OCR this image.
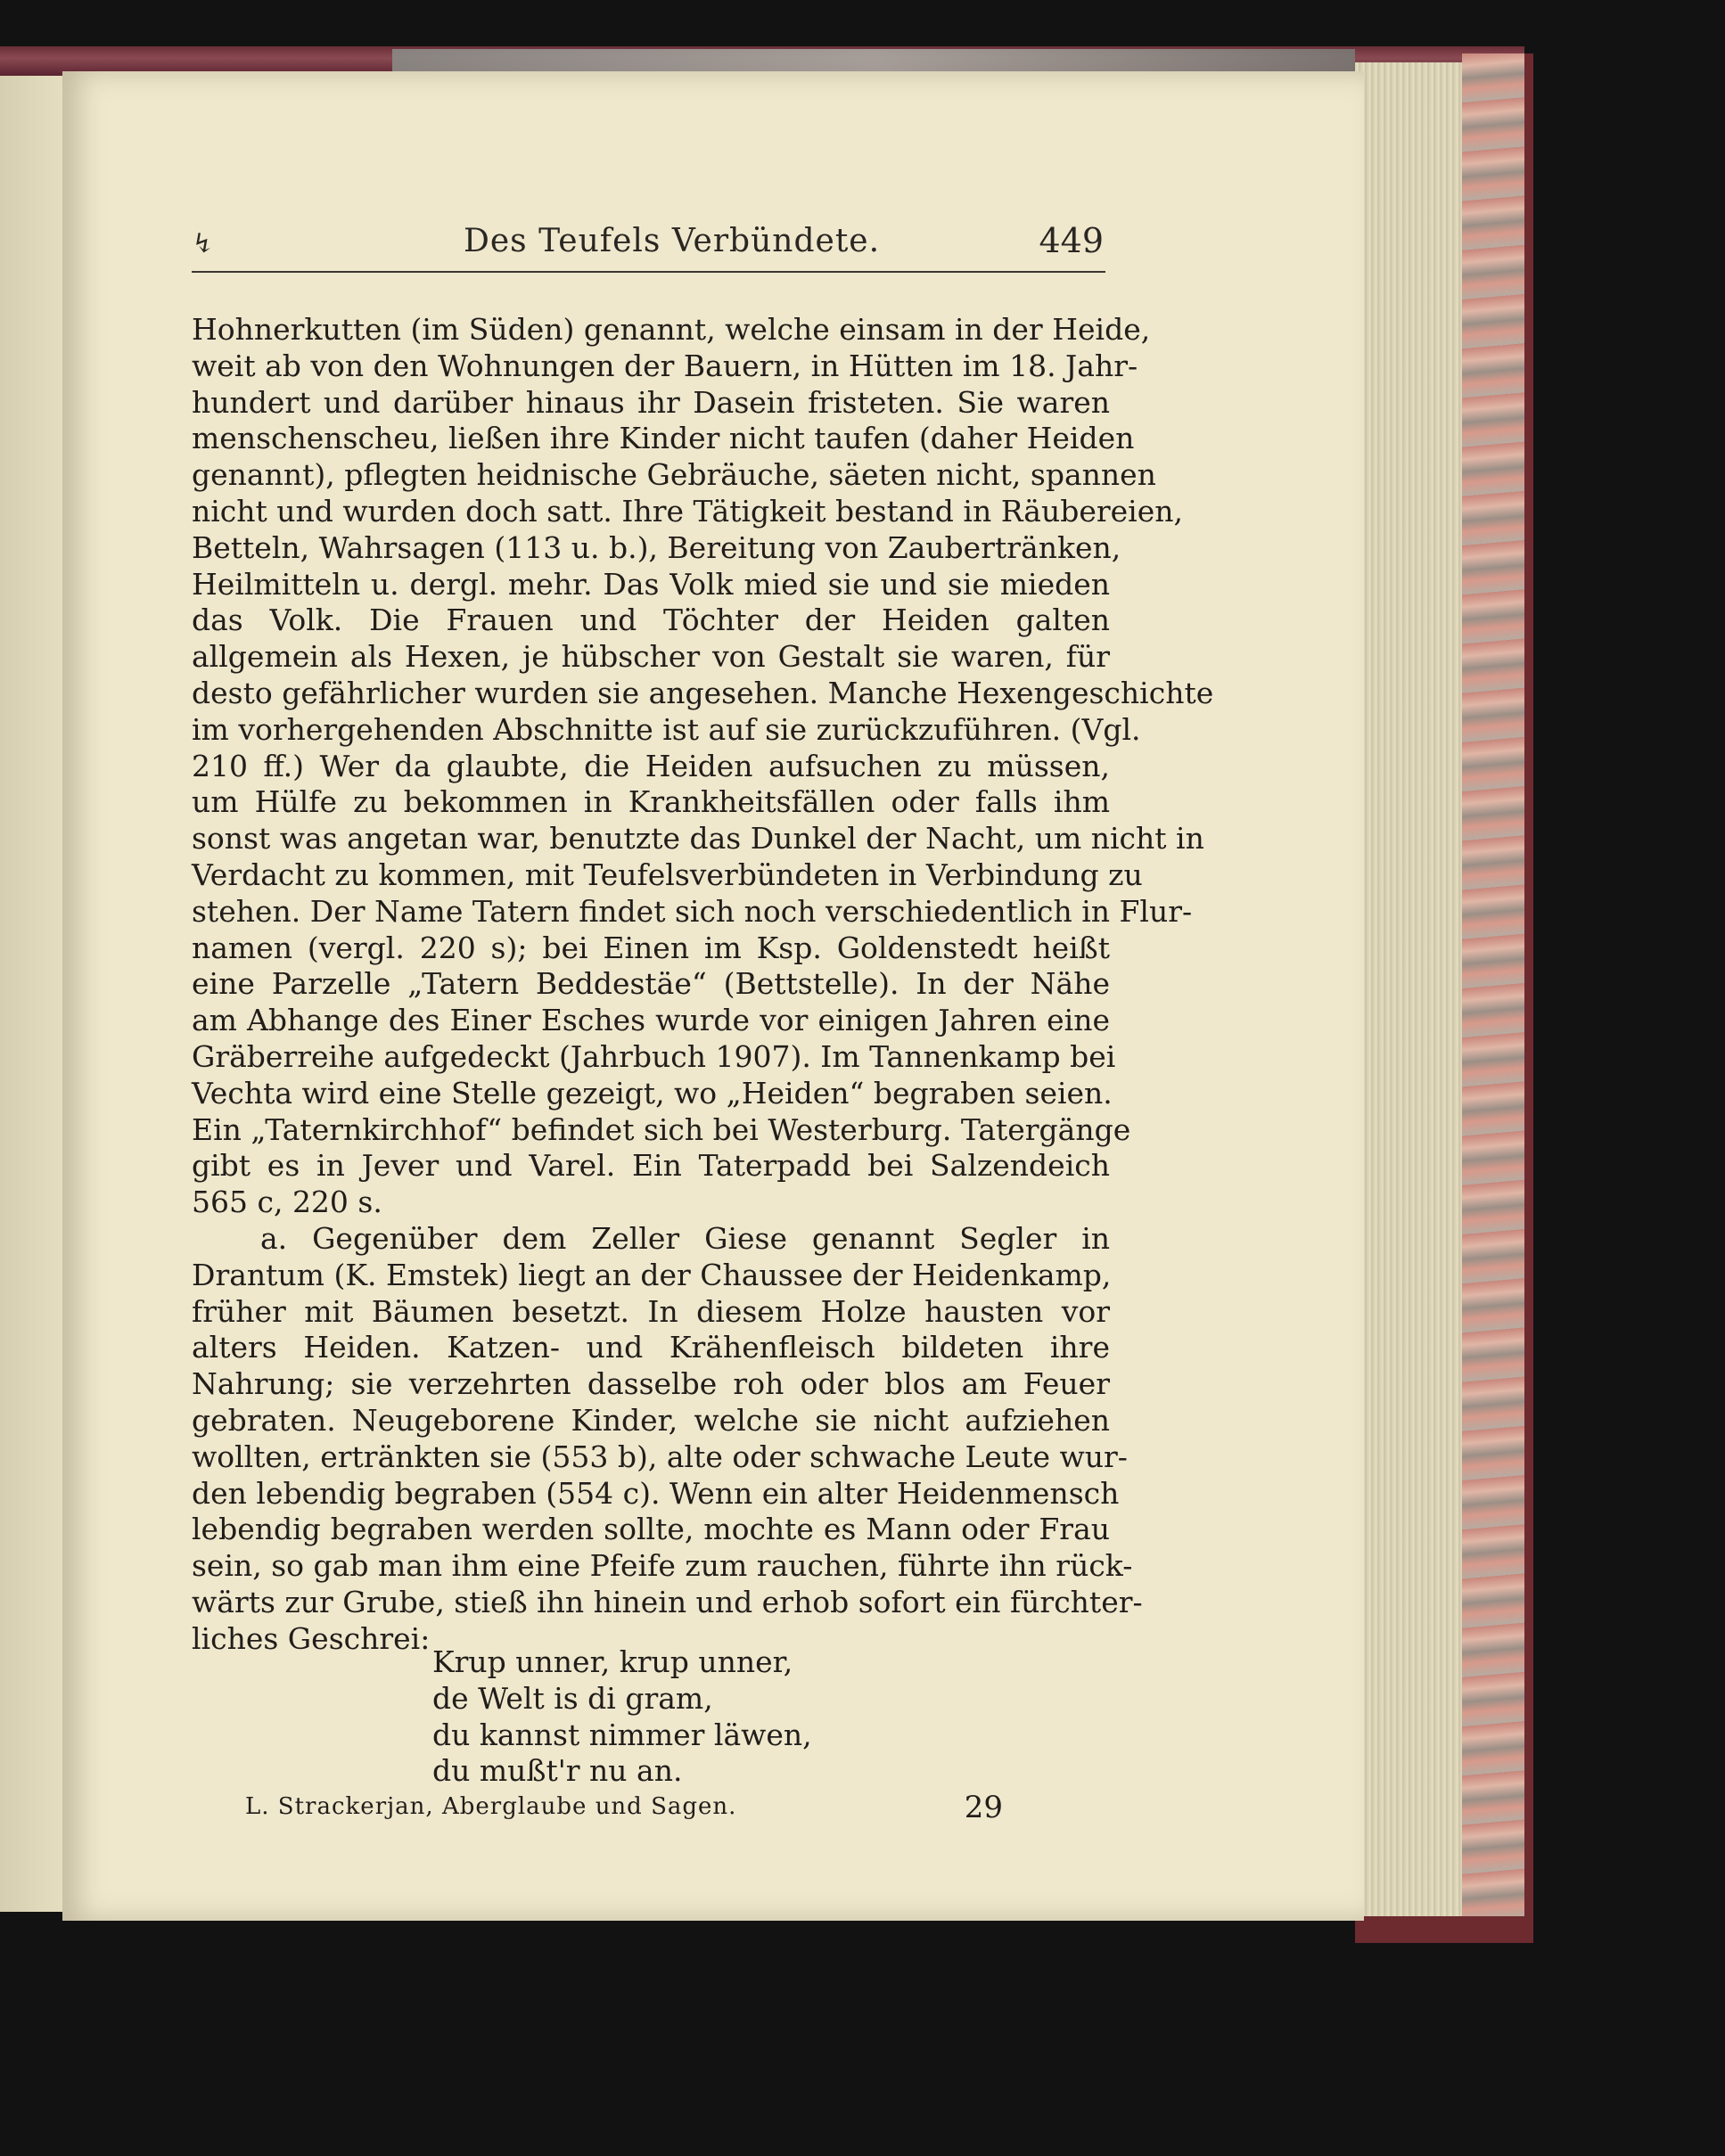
↯	Des Teufels Verbündete.	449
Hohnerkutten (im Süden) genannt, welche einsam in der Heide,
weit ab von den Wohnungen der Bauern, in Hütten im 18. Jahr-
hundert und darüber hinaus ihr Dasein fristeten. Sie waren
menschenscheu, ließen ihre Kinder nicht taufen (daher Heiden
genannt), pflegten heidnische Gebräuche, säeten nicht, spannen
nicht und wurden doch satt. Ihre Tätigkeit bestand in Räubereien,
Betteln, Wahrsagen (113 u. b.), Bereitung von Zaubertränken,
Heilmitteln u. dergl. mehr. Das Volk mied sie und sie mieden
das Volk. Die Frauen und Töchter der Heiden galten
allgemein als Hexen, je hübscher von Gestalt sie waren, für
desto gefährlicher wurden sie angesehen. Manche Hexengeschichte
im vorhergehenden Abschnitte ist auf sie zurückzuführen. (Vgl.
210 ff.) Wer da glaubte, die Heiden aufsuchen zu müssen,
um Hülfe zu bekommen in Krankheitsfällen oder falls ihm
sonst was angetan war, benutzte das Dunkel der Nacht, um nicht in
Verdacht zu kommen, mit Teufelsverbündeten in Verbindung zu
stehen. Der Name Tatern findet sich noch verschiedentlich in Flur-
namen (vergl. 220 s); bei Einen im Ksp. Goldenstedt heißt
eine Parzelle „Tatern Beddestäe“ (Bettstelle). In der Nähe
am Abhange des Einer Esches wurde vor einigen Jahren eine
Gräberreihe aufgedeckt (Jahrbuch 1907). Im Tannenkamp bei
Vechta wird eine Stelle gezeigt, wo „Heiden“ begraben seien.
Ein „Taternkirchhof“ befindet sich bei Westerburg. Tatergänge
gibt es in Jever und Varel. Ein Taterpadd bei Salzendeich
565 c, 220 s.
a. Gegenüber dem Zeller Giese genannt Segler in
Drantum (K. Emstek) liegt an der Chaussee der Heidenkamp,
früher mit Bäumen besetzt. In diesem Holze hausten vor
alters Heiden. Katzen- und Krähenfleisch bildeten ihre
Nahrung; sie verzehrten dasselbe roh oder blos am Feuer
gebraten. Neugeborene Kinder, welche sie nicht aufziehen
wollten, ertränkten sie (553 b), alte oder schwache Leute wur-
den lebendig begraben (554 c). Wenn ein alter Heidenmensch
lebendig begraben werden sollte, mochte es Mann oder Frau
sein, so gab man ihm eine Pfeife zum rauchen, führte ihn rück-
wärts zur Grube, stieß ihn hinein und erhob sofort ein fürchter-
liches Geschrei:
Krup unner, krup unner,
de Welt is di gram,
du kannst nimmer läwen,
du mußt'r nu an.
L. Strackerjan, Aberglaube und Sagen.	29
